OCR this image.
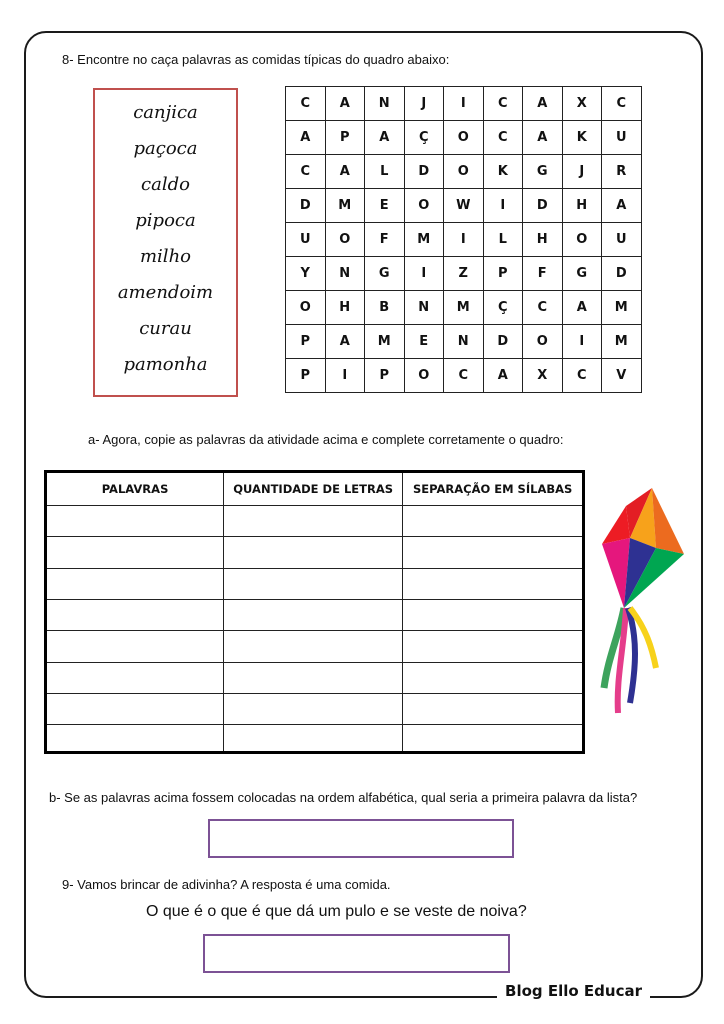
Blog Ello Educar
8- Encontre no caça palavras as comidas típicas do quadro abaixo:
canjica
paçoca
caldo
pipoca
milho
amendoim
curau
pamonha
C	A	N	J	I	C	A	X	C
A	P	A	Ç	O	C	A	K	U
C	A	L	D	O	K	G	J	R
D	M	E	O	W	I	D	H	A
U	O	F	M	I	L	H	O	U
Y	N	G	I	Z	P	F	G	D
O	H	B	N	M	Ç	C	A	M
P	A	M	E	N	D	O	I	M
P	I	P	O	C	A	X	C	V
a- Agora, copie as palavras da atividade acima e complete corretamente o quadro:
PALAVRAS	QUANTIDADE DE LETRAS	SEPARAÇÃO EM SÍLABAS

b- Se as palavras acima fossem colocadas na ordem alfabética, qual seria a primeira palavra da lista?
9- Vamos brincar de adivinha? A resposta é uma comida.
O que é o que é que dá um pulo e se veste de noiva?
